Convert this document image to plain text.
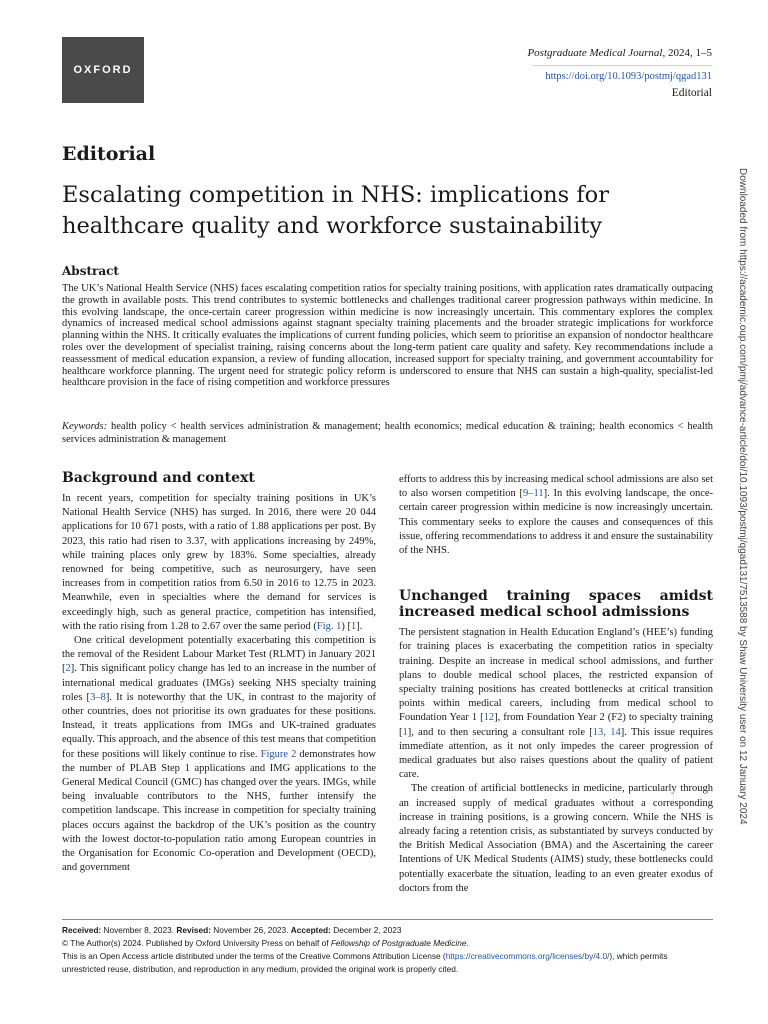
OXFORD
Postgraduate Medical Journal, 2024, 1–5
https://doi.org/10.1093/postmj/qgad131
Editorial
Editorial
Escalating competition in NHS: implications for healthcare quality and workforce sustainability
Abstract

The UK’s National Health Service (NHS) faces escalating competition ratios for specialty training positions, with application rates dramatically outpacing the growth in available posts. This trend contributes to systemic bottlenecks and challenges traditional career progression pathways within medicine. In this evolving landscape, the once-certain career progression within medicine is now increasingly uncertain. This commentary explores the complex dynamics of increased medical school admissions against stagnant specialty training placements and the broader strategic implications for workforce planning within the NHS. It critically evaluates the implications of current funding policies, which seem to prioritise an expansion of nondoctor healthcare roles over the development of specialist training, raising concerns about the long-term patient care quality and safety. Key recommendations include a reassessment of medical education expansion, a review of funding allocation, increased support for specialty training, and government accountability for healthcare workforce planning. The urgent need for strategic policy reform is underscored to ensure that NHS can sustain a high-quality, specialist-led healthcare provision in the face of rising competition and workforce pressures

Keywords: health policy < health services administration & management; health economics; medical education & training; health economics < health services administration & management

Background and context

In recent years, competition for specialty training positions in UK’s National Health Service (NHS) has surged. In 2016, there were 20 044 applications for 10 671 posts, with a ratio of 1.88 applications per post. By 2023, this ratio had risen to 3.37, with applications increasing by 249%, while training places only grew by 183%. Some specialties, already renowned for being competitive, such as neurosurgery, have seen increases from in competition ratios from 6.50 in 2016 to 12.75 in 2023. Meanwhile, even in specialties where the demand for services is exceedingly high, such as general practice, competition has intensified, with the ratio rising from 1.28 to 2.67 over the same period (Fig. 1) [1].

One critical development potentially exacerbating this competition is the removal of the Resident Labour Market Test (RLMT) in January 2021 [2]. This significant policy change has led to an increase in the number of international medical graduates (IMGs) seeking NHS specialty training roles [3–8]. It is noteworthy that the UK, in contrast to the majority of other countries, does not prioritise its own graduates for these positions. Instead, it treats applications from IMGs and UK-trained graduates equally. This approach, and the absence of this test means that competition for these positions will likely continue to rise. Figure 2 demonstrates how the number of PLAB Step 1 applications and IMG applications to the General Medical Council (GMC) has changed over the years. IMGs, while being invaluable contributors to the NHS, further intensify the competition landscape. This increase in competition for specialty training places occurs against the backdrop of the UK’s position as the country with the lowest doctor-to-population ratio among European countries in the Organisation for Economic Co-operation and Development (OECD), and government

efforts to address this by increasing medical school admissions are also set to also worsen competition [9–11]. In this evolving landscape, the once-certain career progression within medicine is now increasingly uncertain. This commentary seeks to explore the causes and consequences of this issue, offering recommendations to address it and ensure the sustainability of the NHS.

Unchanged training spaces amidst increased medical school admissions

The persistent stagnation in Health Education England’s (HEE’s) funding for training places is exacerbating the competition ratios in specialty training. Despite an increase in medical school admissions, and further plans to double medical school places, the restricted expansion of specialty training positions has created bottlenecks at critical transition points within medical careers, including from medical school to Foundation Year 1 [12], from Foundation Year 2 (F2) to specialty training [1], and to then securing a consultant role [13, 14]. This issue requires immediate attention, as it not only impedes the career progression of medical graduates but also raises questions about the quality of patient care.

The creation of artificial bottlenecks in medicine, particularly through an increased supply of medical graduates without a corresponding increase in training positions, is a growing concern. While the NHS is already facing a retention crisis, as substantiated by surveys conducted by the British Medical Association (BMA) and the Ascertaining the career Intentions of UK Medical Students (AIMS) study, these bottlenecks could potentially exacerbate the situation, leading to an even greater exodus of doctors from the

Received: November 8, 2023. Revised: November 26, 2023. Accepted: December 2, 2023
© The Author(s) 2024. Published by Oxford University Press on behalf of Fellowship of Postgraduate Medicine.
This is an Open Access article distributed under the terms of the Creative Commons Attribution License (https://creativecommons.org/licenses/by/4.0/), which permits unrestricted reuse, distribution, and reproduction in any medium, provided the original work is properly cited.
Downloaded from https://academic.oup.com/pmj/advance-article/doi/10.1093/postmj/qgad131/7513588 by Shaw University user on 12 January 2024
